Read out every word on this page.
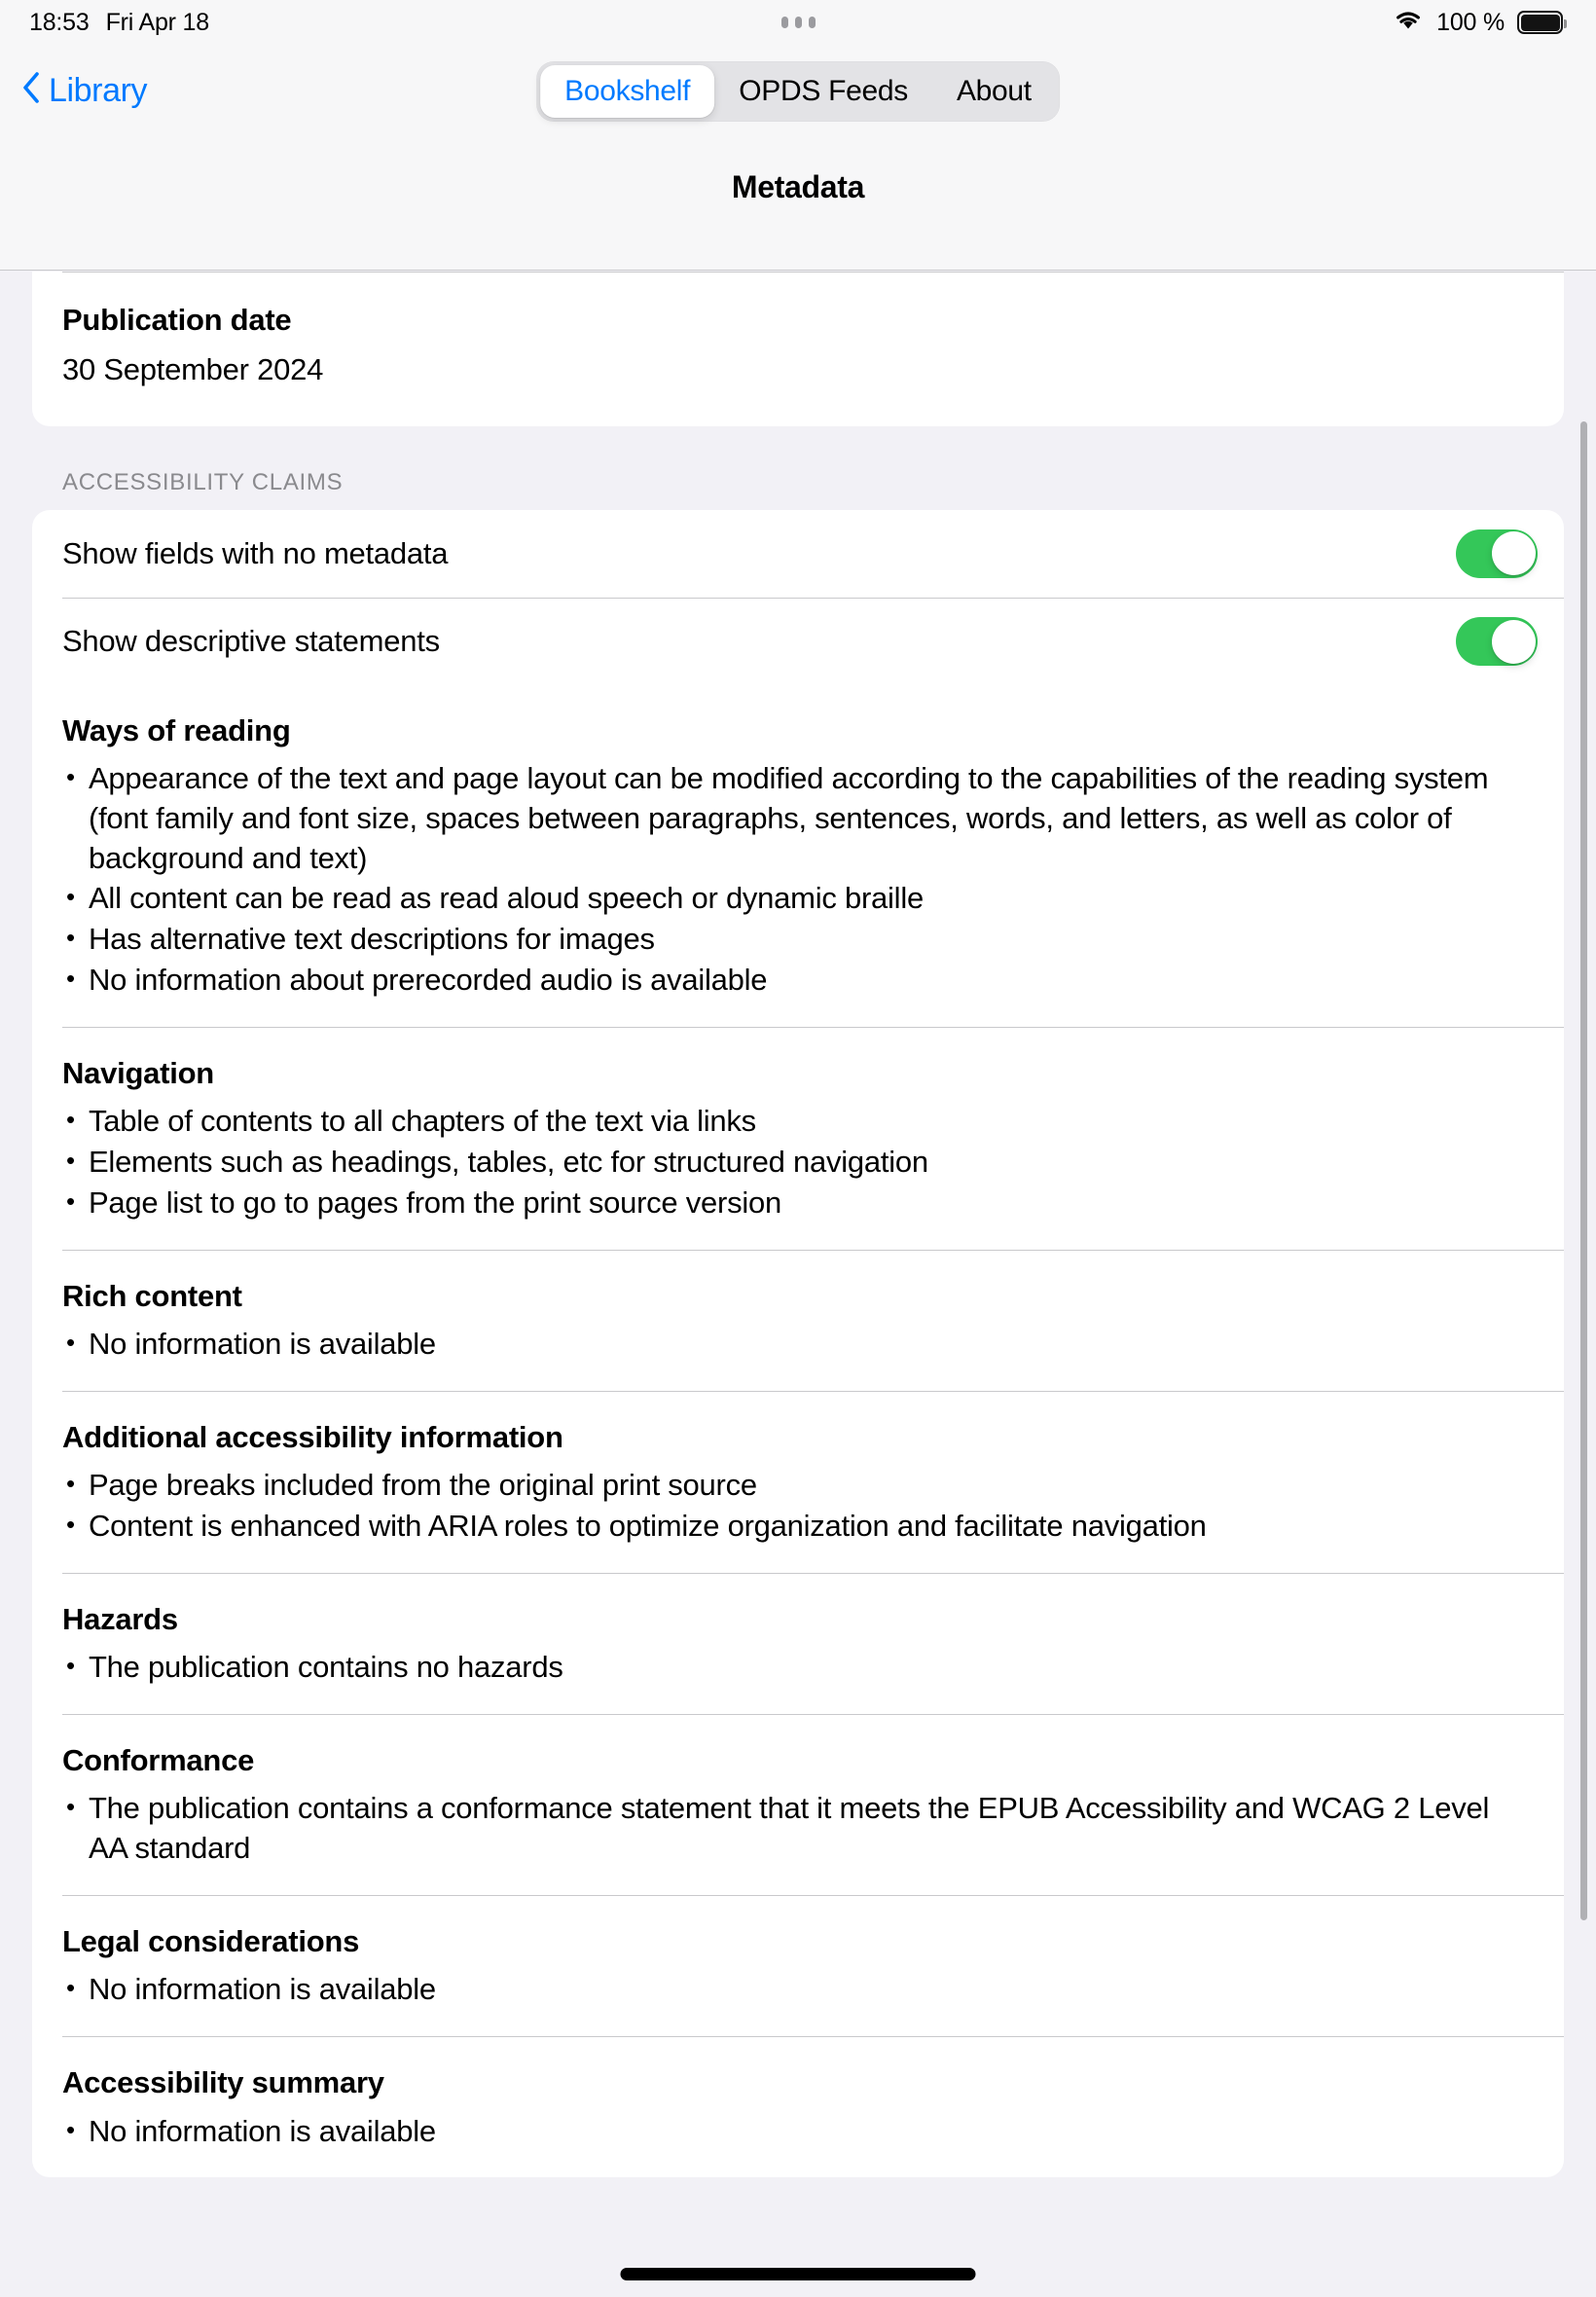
18:53 Fri Apr 18	100 %
Library	Bookshelf OPDS Feeds About
Metadata
Publication date
30 September 2024
ACCESSIBILITY CLAIMS
Show fields with no metadata
Show descriptive statements
Ways of reading
• Appearance of the text and page layout can be modified according to the capabilities of the reading system (font family and font size, spaces between paragraphs, sentences, words, and letters, as well as color of background and text)
• All content can be read as read aloud speech or dynamic braille
• Has alternative text descriptions for images
• No information about prerecorded audio is available
Navigation
• Table of contents to all chapters of the text via links
• Elements such as headings, tables, etc for structured navigation
• Page list to go to pages from the print source version
Rich content
• No information is available
Additional accessibility information
• Page breaks included from the original print source
• Content is enhanced with ARIA roles to optimize organization and facilitate navigation
Hazards
• The publication contains no hazards
Conformance
• The publication contains a conformance statement that it meets the EPUB Accessibility and WCAG 2 Level AA standard
Legal considerations
• No information is available
Accessibility summary
• No information is available
